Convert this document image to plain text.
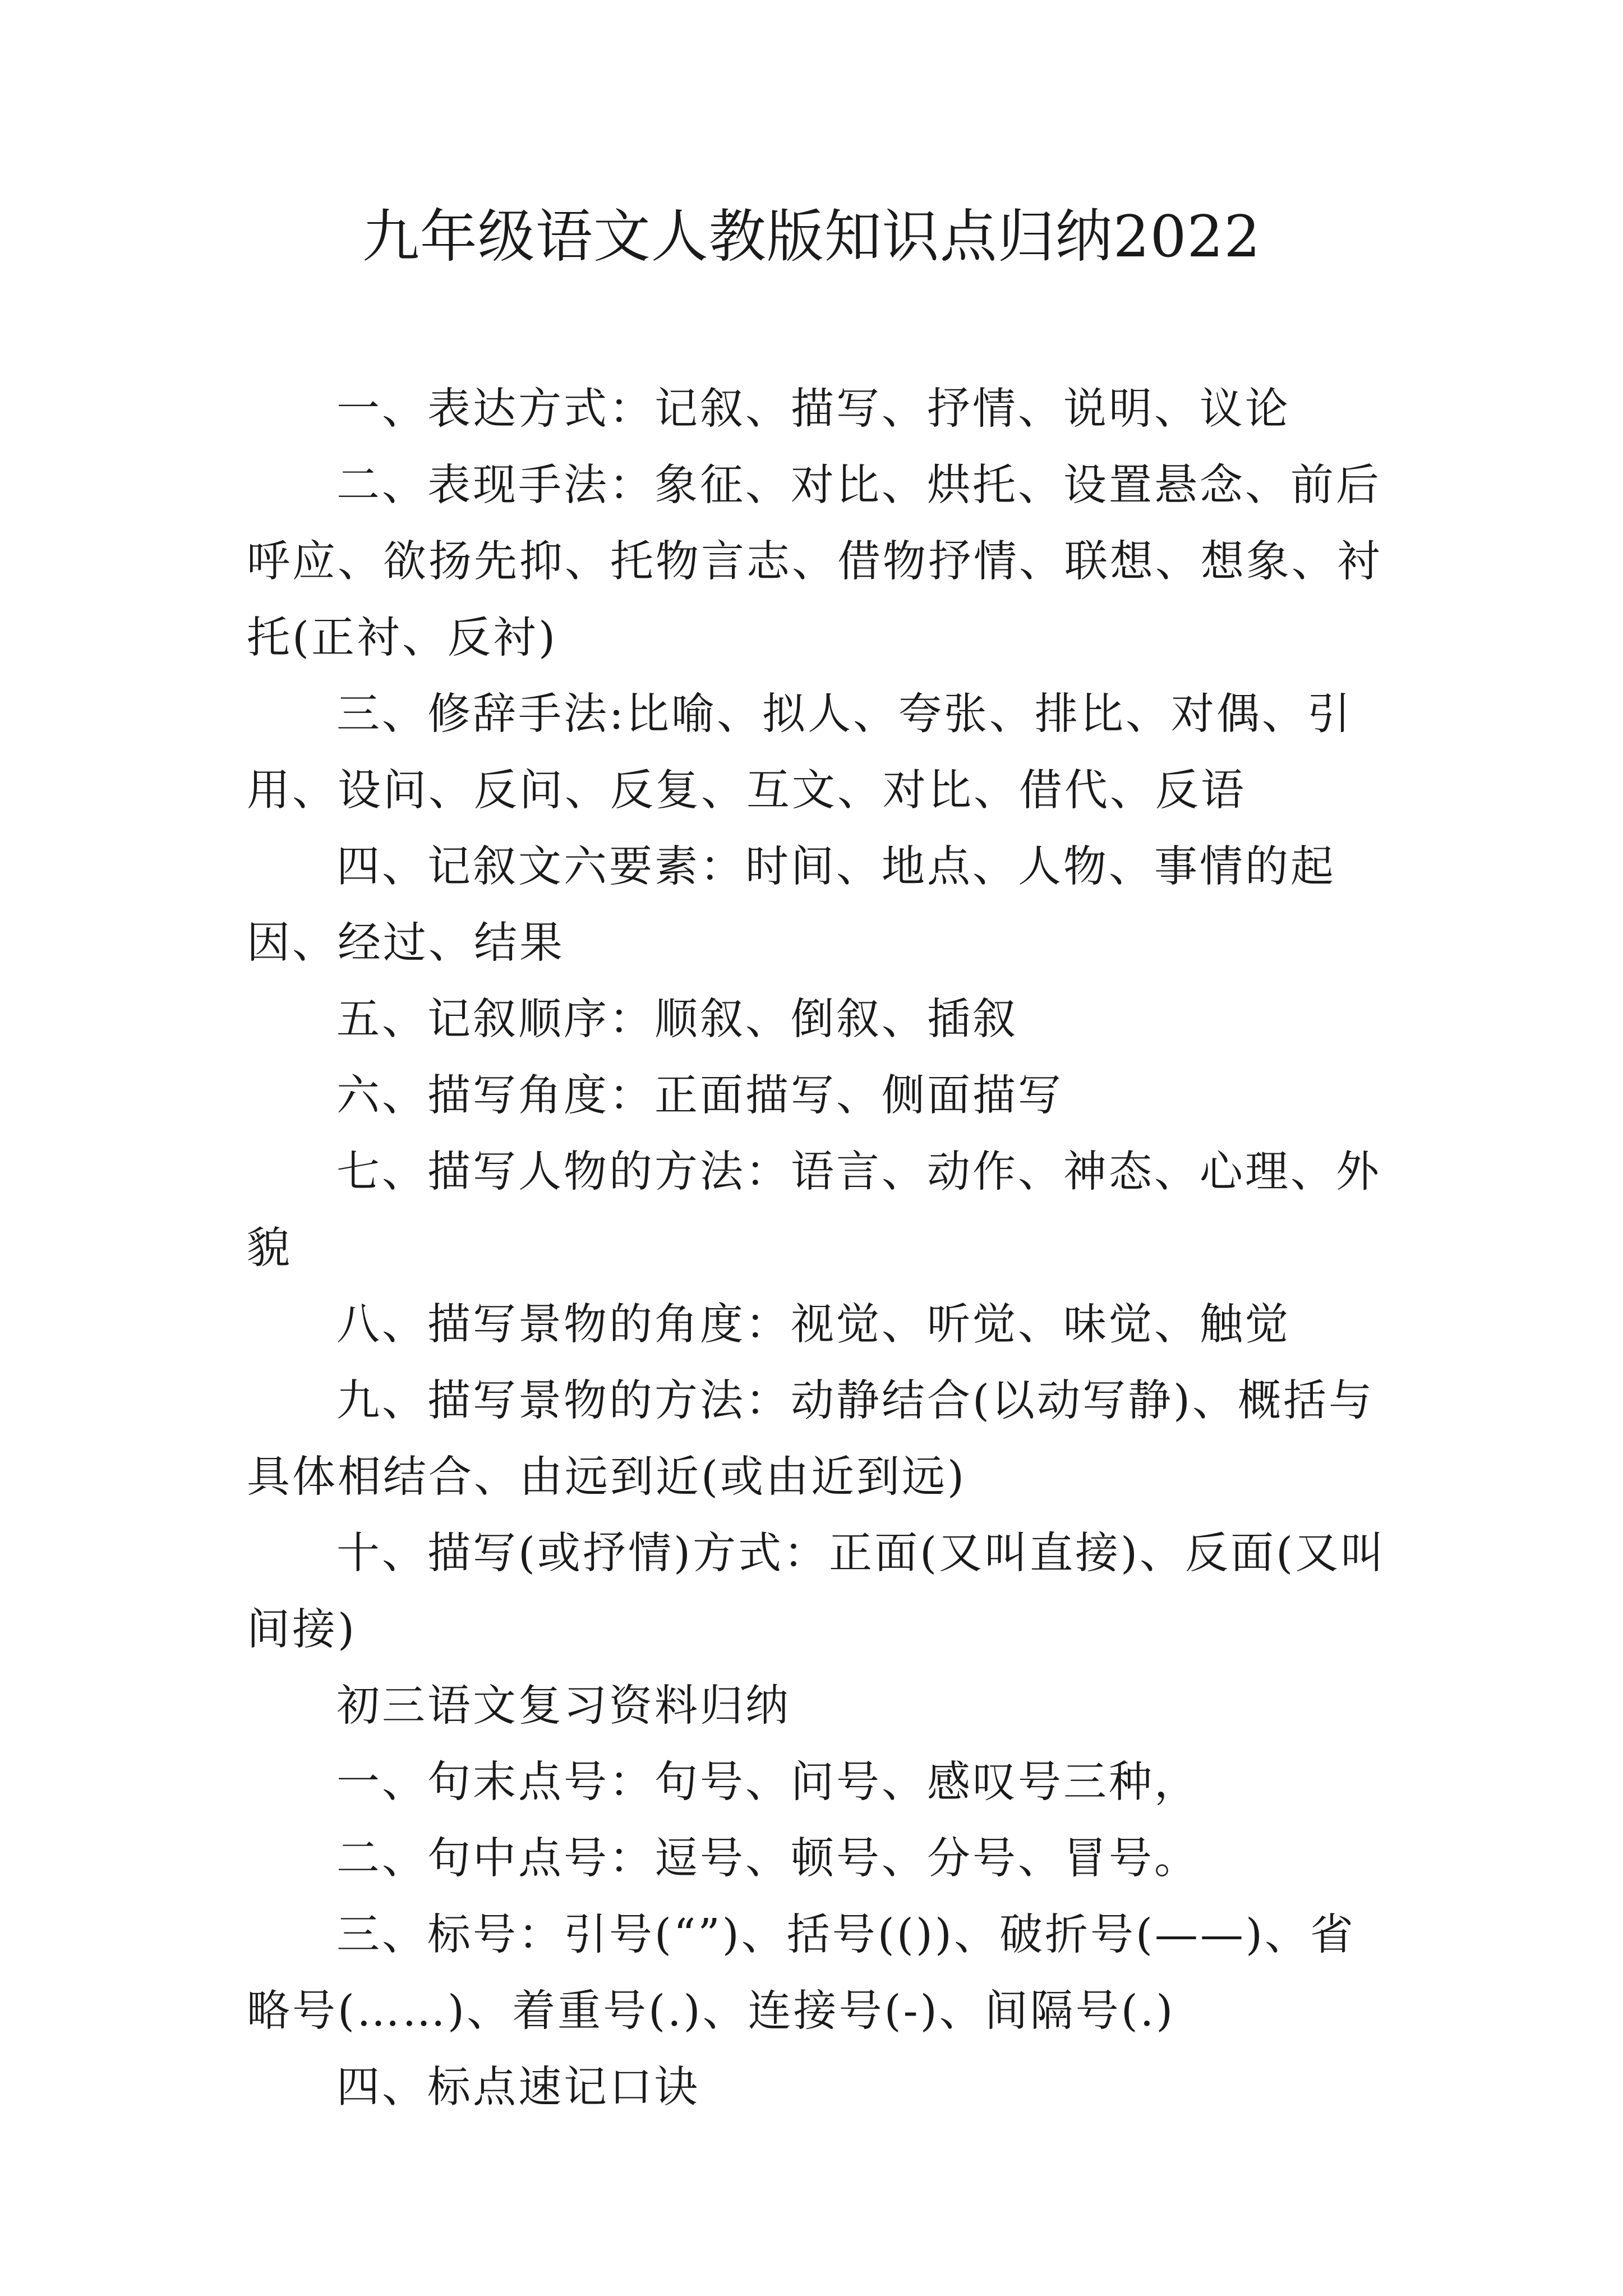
九年级语文人教版知识点归纳2022

一、表达方式：记叙、描写、抒情、说明、议论

二、表现手法：象征、对比、烘托、设置悬念、前后呼应、欲扬先抑、托物言志、借物抒情、联想、想象、衬托(正衬、反衬)

三、修辞手法:比喻、拟人、夸张、排比、对偶、引用、设问、反问、反复、互文、对比、借代、反语

四、记叙文六要素：时间、地点、人物、事情的起因、经过、结果

五、记叙顺序：顺叙、倒叙、插叙

六、描写角度：正面描写、侧面描写

七、描写人物的方法：语言、动作、神态、心理、外貌

八、描写景物的角度：视觉、听觉、味觉、触觉

九、描写景物的方法：动静结合(以动写静)、概括与具体相结合、由远到近(或由近到远)

十、描写(或抒情)方式：正面(又叫直接)、反面(又叫间接)

初三语文复习资料归纳

一、句末点号：句号、问号、感叹号三种，

二、句中点号：逗号、顿号、分号、冒号。

三、标号：引号(“”)、括号(())、破折号(——)、省略号(……)、着重号(.)、连接号(-)、间隔号(.)

四、标点速记口诀
